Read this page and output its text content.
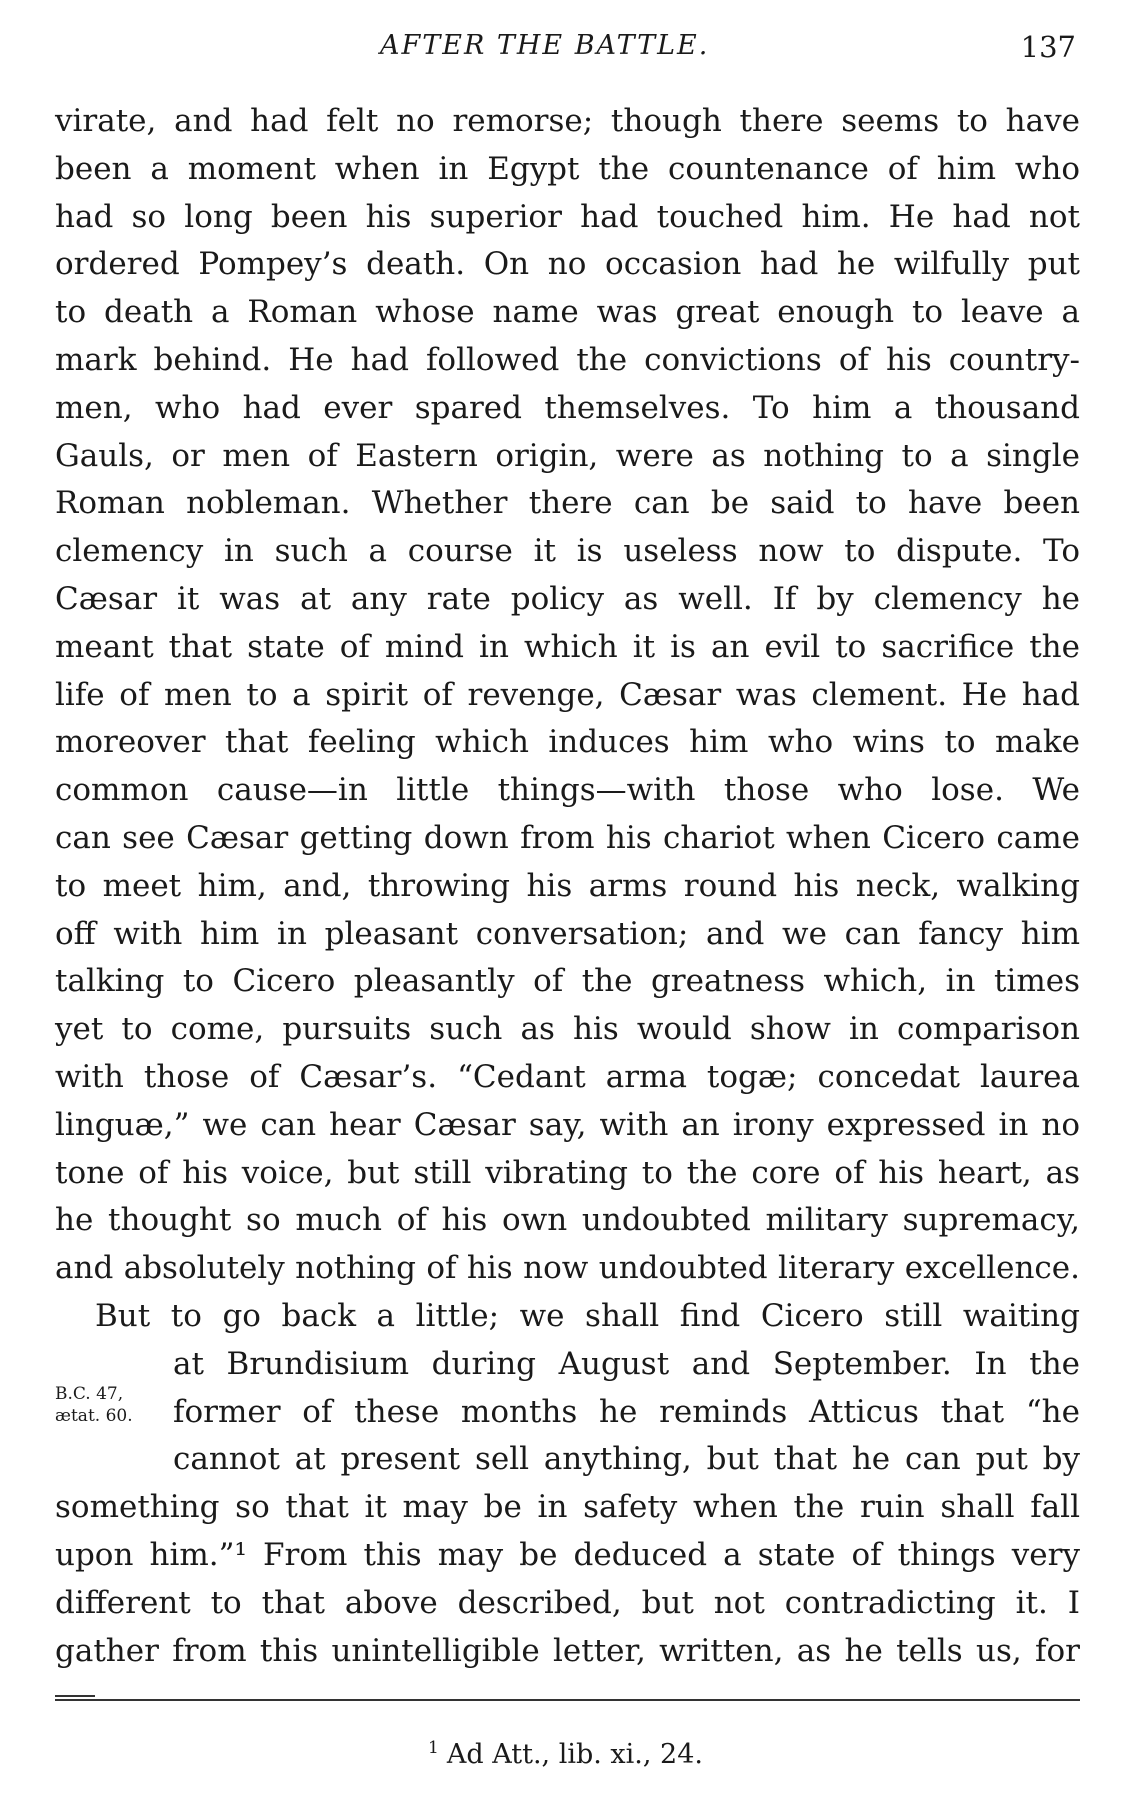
AFTER THE BATTLE.	137
virate, and had felt no remorse; though there seems to have
been a moment when in Egypt the countenance of him who
had so long been his superior had touched him. He had not
ordered Pompey’s death. On no occasion had he wilfully put
to death a Roman whose name was great enough to leave a
mark behind. He had followed the convictions of his country-
men, who had ever spared themselves. To him a thousand
Gauls, or men of Eastern origin, were as nothing to a single
Roman nobleman. Whether there can be said to have been
clemency in such a course it is useless now to dispute. To
Cæsar it was at any rate policy as well. If by clemency he
meant that state of mind in which it is an evil to sacrifice the
life of men to a spirit of revenge, Cæsar was clement. He had
moreover that feeling which induces him who wins to make
common cause—in little things—with those who lose. We
can see Cæsar getting down from his chariot when Cicero came
to meet him, and, throwing his arms round his neck, walking
off with him in pleasant conversation; and we can fancy him
talking to Cicero pleasantly of the greatness which, in times
yet to come, pursuits such as his would show in comparison
with those of Cæsar’s. “Cedant arma togæ; concedat laurea
linguæ,” we can hear Cæsar say, with an irony expressed in no
tone of his voice, but still vibrating to the core of his heart, as
he thought so much of his own undoubted military supremacy,
and absolutely nothing of his now undoubted literary excellence.
But to go back a little; we shall find Cicero still waiting
at Brundisium during August and September. In the
former of these months he reminds Atticus that “he
cannot at present sell anything, but that he can put by
something so that it may be in safety when the ruin shall fall
upon him.”¹ From this may be deduced a state of things very
different to that above described, but not contradicting it. I
gather from this unintelligible letter, written, as he tells us, for
B.C. 47,
ætat. 60.
$^1$ Ad Att., lib. xi., 24.
